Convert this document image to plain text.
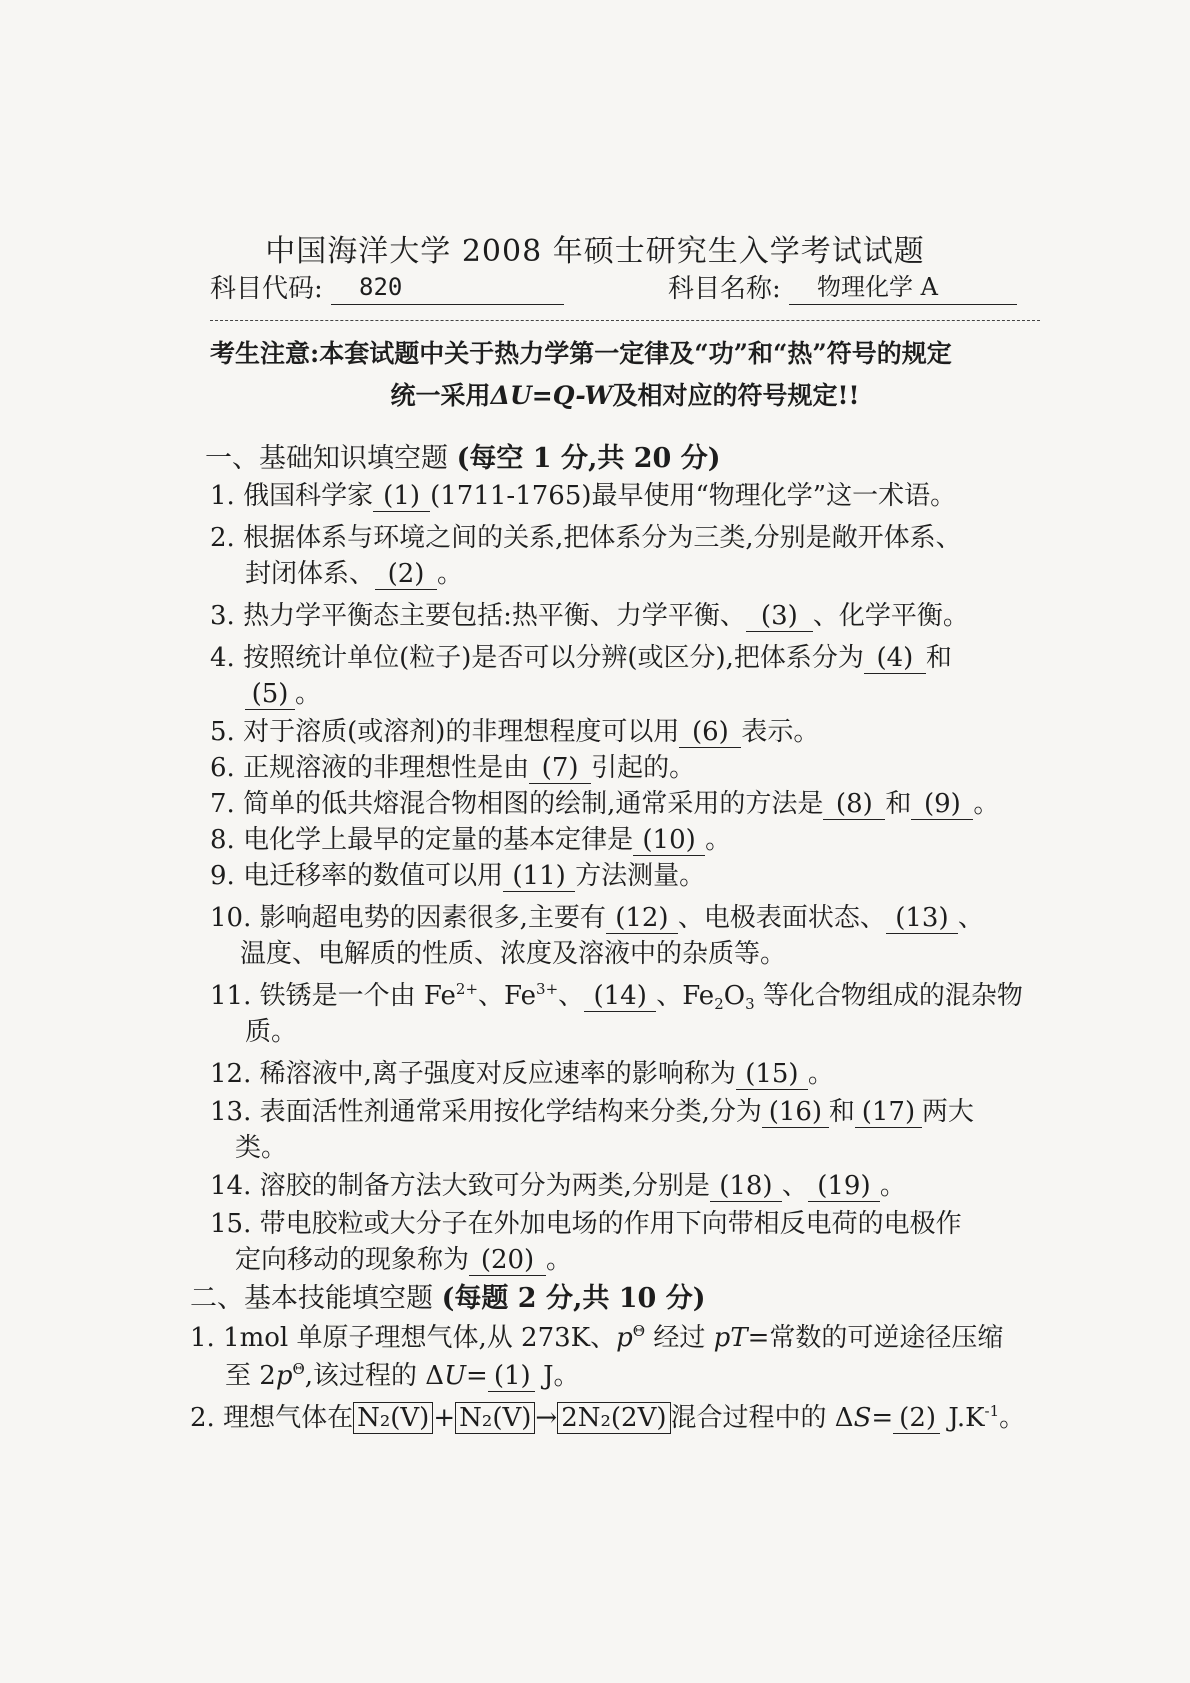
中国海洋大学 2008 年硕士研究生入学考试试题
科目代码: 820	科目名称: 物理化学 A
考生注意:本套试题中关于热力学第一定律及“功”和“热”符号的规定
统一采用ΔU=Q-W及相对应的符号规定!!
一、基础知识填空题 (每空 1 分,共 20 分)
1. 俄国科学家 (1) (1711-1765)最早使用“物理化学”这一术语。
2. 根据体系与环境之间的关系,把体系分为三类,分别是敞开体系、
封闭体系、 (2) 。
3. 热力学平衡态主要包括:热平衡、力学平衡、 (3) 、化学平衡。
4. 按照统计单位(粒子)是否可以分辨(或区分),把体系分为 (4) 和
(5) 。
5. 对于溶质(或溶剂)的非理想程度可以用 (6) 表示。
6. 正规溶液的非理想性是由 (7) 引起的。
7. 简单的低共熔混合物相图的绘制,通常采用的方法是 (8) 和 (9) 。
8. 电化学上最早的定量的基本定律是 (10) 。
9. 电迁移率的数值可以用 (11) 方法测量。
10. 影响超电势的因素很多,主要有 (12) 、电极表面状态、 (13) 、
温度、电解质的性质、浓度及溶液中的杂质等。
11. 铁锈是一个由 $Fe^{2+}$、$Fe^{3+}$、 (14) 、$Fe_2O_3$ 等化合物组成的混杂物
质。
12. 稀溶液中,离子强度对反应速率的影响称为 (15) 。
13. 表面活性剂通常采用按化学结构来分类,分为 (16) 和 (17) 两大
类。
14. 溶胶的制备方法大致可分为两类,分别是 (18) 、 (19) 。
15. 带电胶粒或大分子在外加电场的作用下向带相反电荷的电极作
定向移动的现象称为 (20) 。
二、基本技能填空题 (每题 2 分,共 10 分)
1. 1mol 单原子理想气体,从 273K、$p^\Theta$ 经过 pT=常数的可逆途径压缩
至 $2p^\Theta$,该过程的 ΔU= (1) J。
2. 理想气体在 N₂(V) + N₂(V) → 2N₂(2V) 混合过程中的 ΔS= (2) $J.K^{-1}$。
